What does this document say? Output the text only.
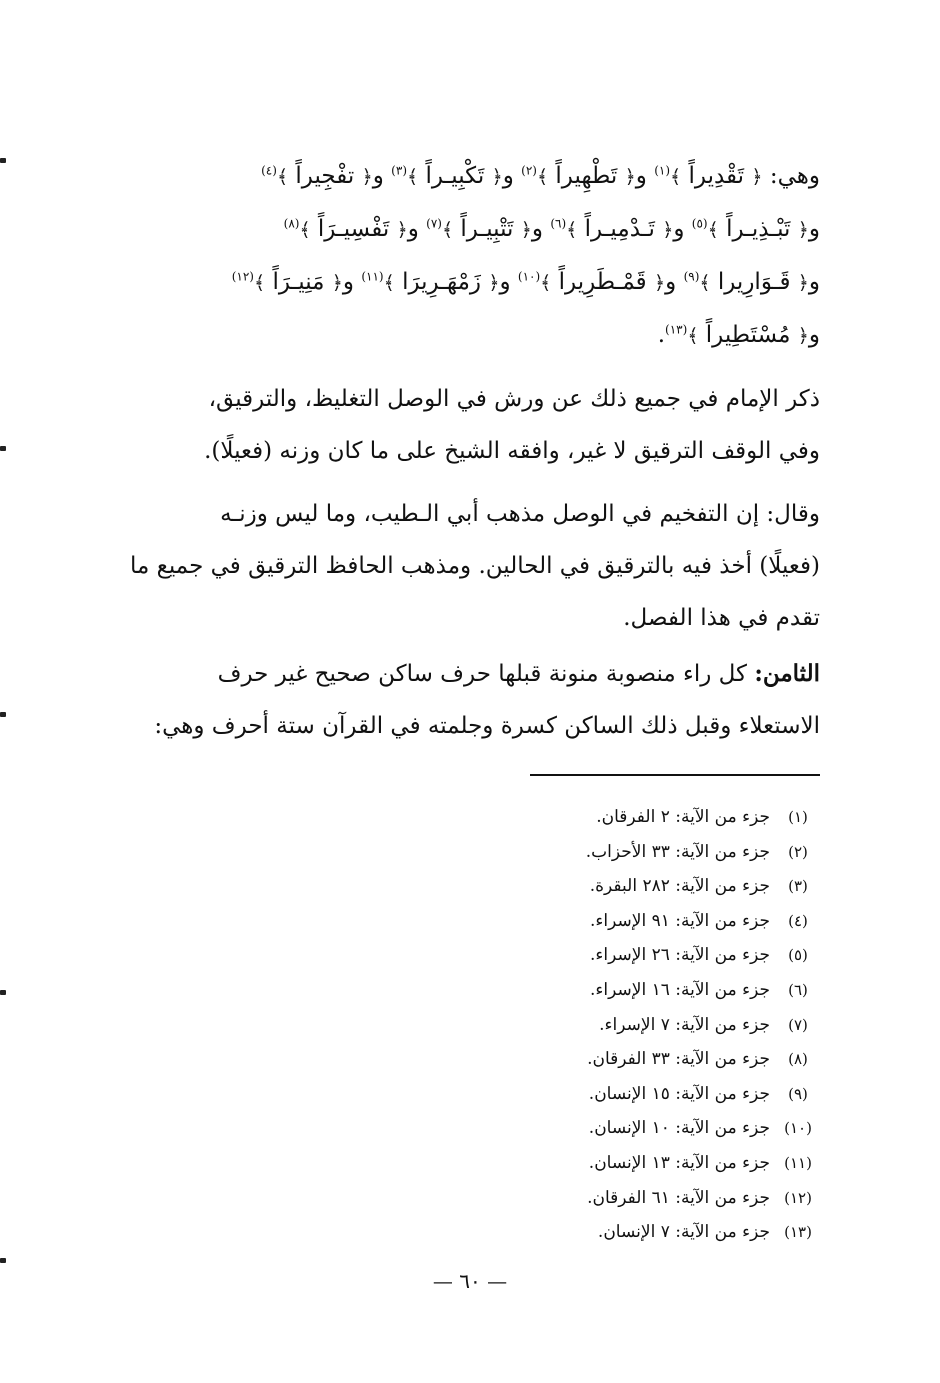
وهي: ﴿ تَقْدِيراً ﴾$^{(١)}$ و﴿ تَطْهِيراً ﴾$^{(٢)}$ و﴿ تَكْبِيـراً ﴾$^{(٣)}$ و﴿ تفْجِيراً ﴾$^{(٤)}$
و﴿ تَبْـذِيـراً ﴾$^{(٥)}$ و﴿ تَـدْمِيـراً ﴾$^{(٦)}$ و﴿ تَتْبِيـراً ﴾$^{(٧)}$ و﴿ تَفْسِيـرَاً ﴾$^{(٨)}$
و﴿ قَـوَارِيرا ﴾$^{(٩)}$ و﴿ قَمْـطَرِيراً ﴾$^{(١٠)}$ و﴿ زَمْهَـرِيرَا ﴾$^{(١١)}$ و﴿ مَنِيـرَاً ﴾$^{(١٢)}$
و﴿ مُسْتَطِيراً ﴾$^{(١٣)}$.
ذكر الإمام في جميع ذلك عن ورش في الوصل التغليظ، والترقيق،
وفي الوقف الترقيق لا غير، وافقه الشيخ على ما كان وزنه (فعيلًا).
وقال: إن التفخيم في الوصل مذهب أبي الـطيب، وما ليس وزنـه
(فعيلًا) أخذ فيه بالترقيق في الحالين. ومذهب الحافظ الترقيق في جميع ما
تقدم في هذا الفصل.
الثامن: كل راء منصوبة منونة قبلها حرف ساكن صحيح غير حرف
الاستعلاء وقبل ذلك الساكن كسرة وجلمته في القرآن ستة أحرف وهي:
(١)
جزء من الآية: ٢ الفرقان.
(٢)
جزء من الآية: ٣٣ الأحزاب.
(٣)
جزء من الآية: ٢٨٢ البقرة.
(٤)
جزء من الآية: ٩١ الإسراء.
(٥)
جزء من الآية: ٢٦ الإسراء.
(٦)
جزء من الآية: ١٦ الإسراء.
(٧)
جزء من الآية: ٧ الإسراء.
(٨)
جزء من الآية: ٣٣ الفرقان.
(٩)
جزء من الآية: ١٥ الإنسان.
(١٠)
جزء من الآية: ١٠ الإنسان.
(١١)
جزء من الآية: ١٣ الإنسان.
(١٢)
جزء من الآية: ٦١ الفرقان.
(١٣)
جزء من الآية: ٧ الإنسان.
— ٦٠ —
